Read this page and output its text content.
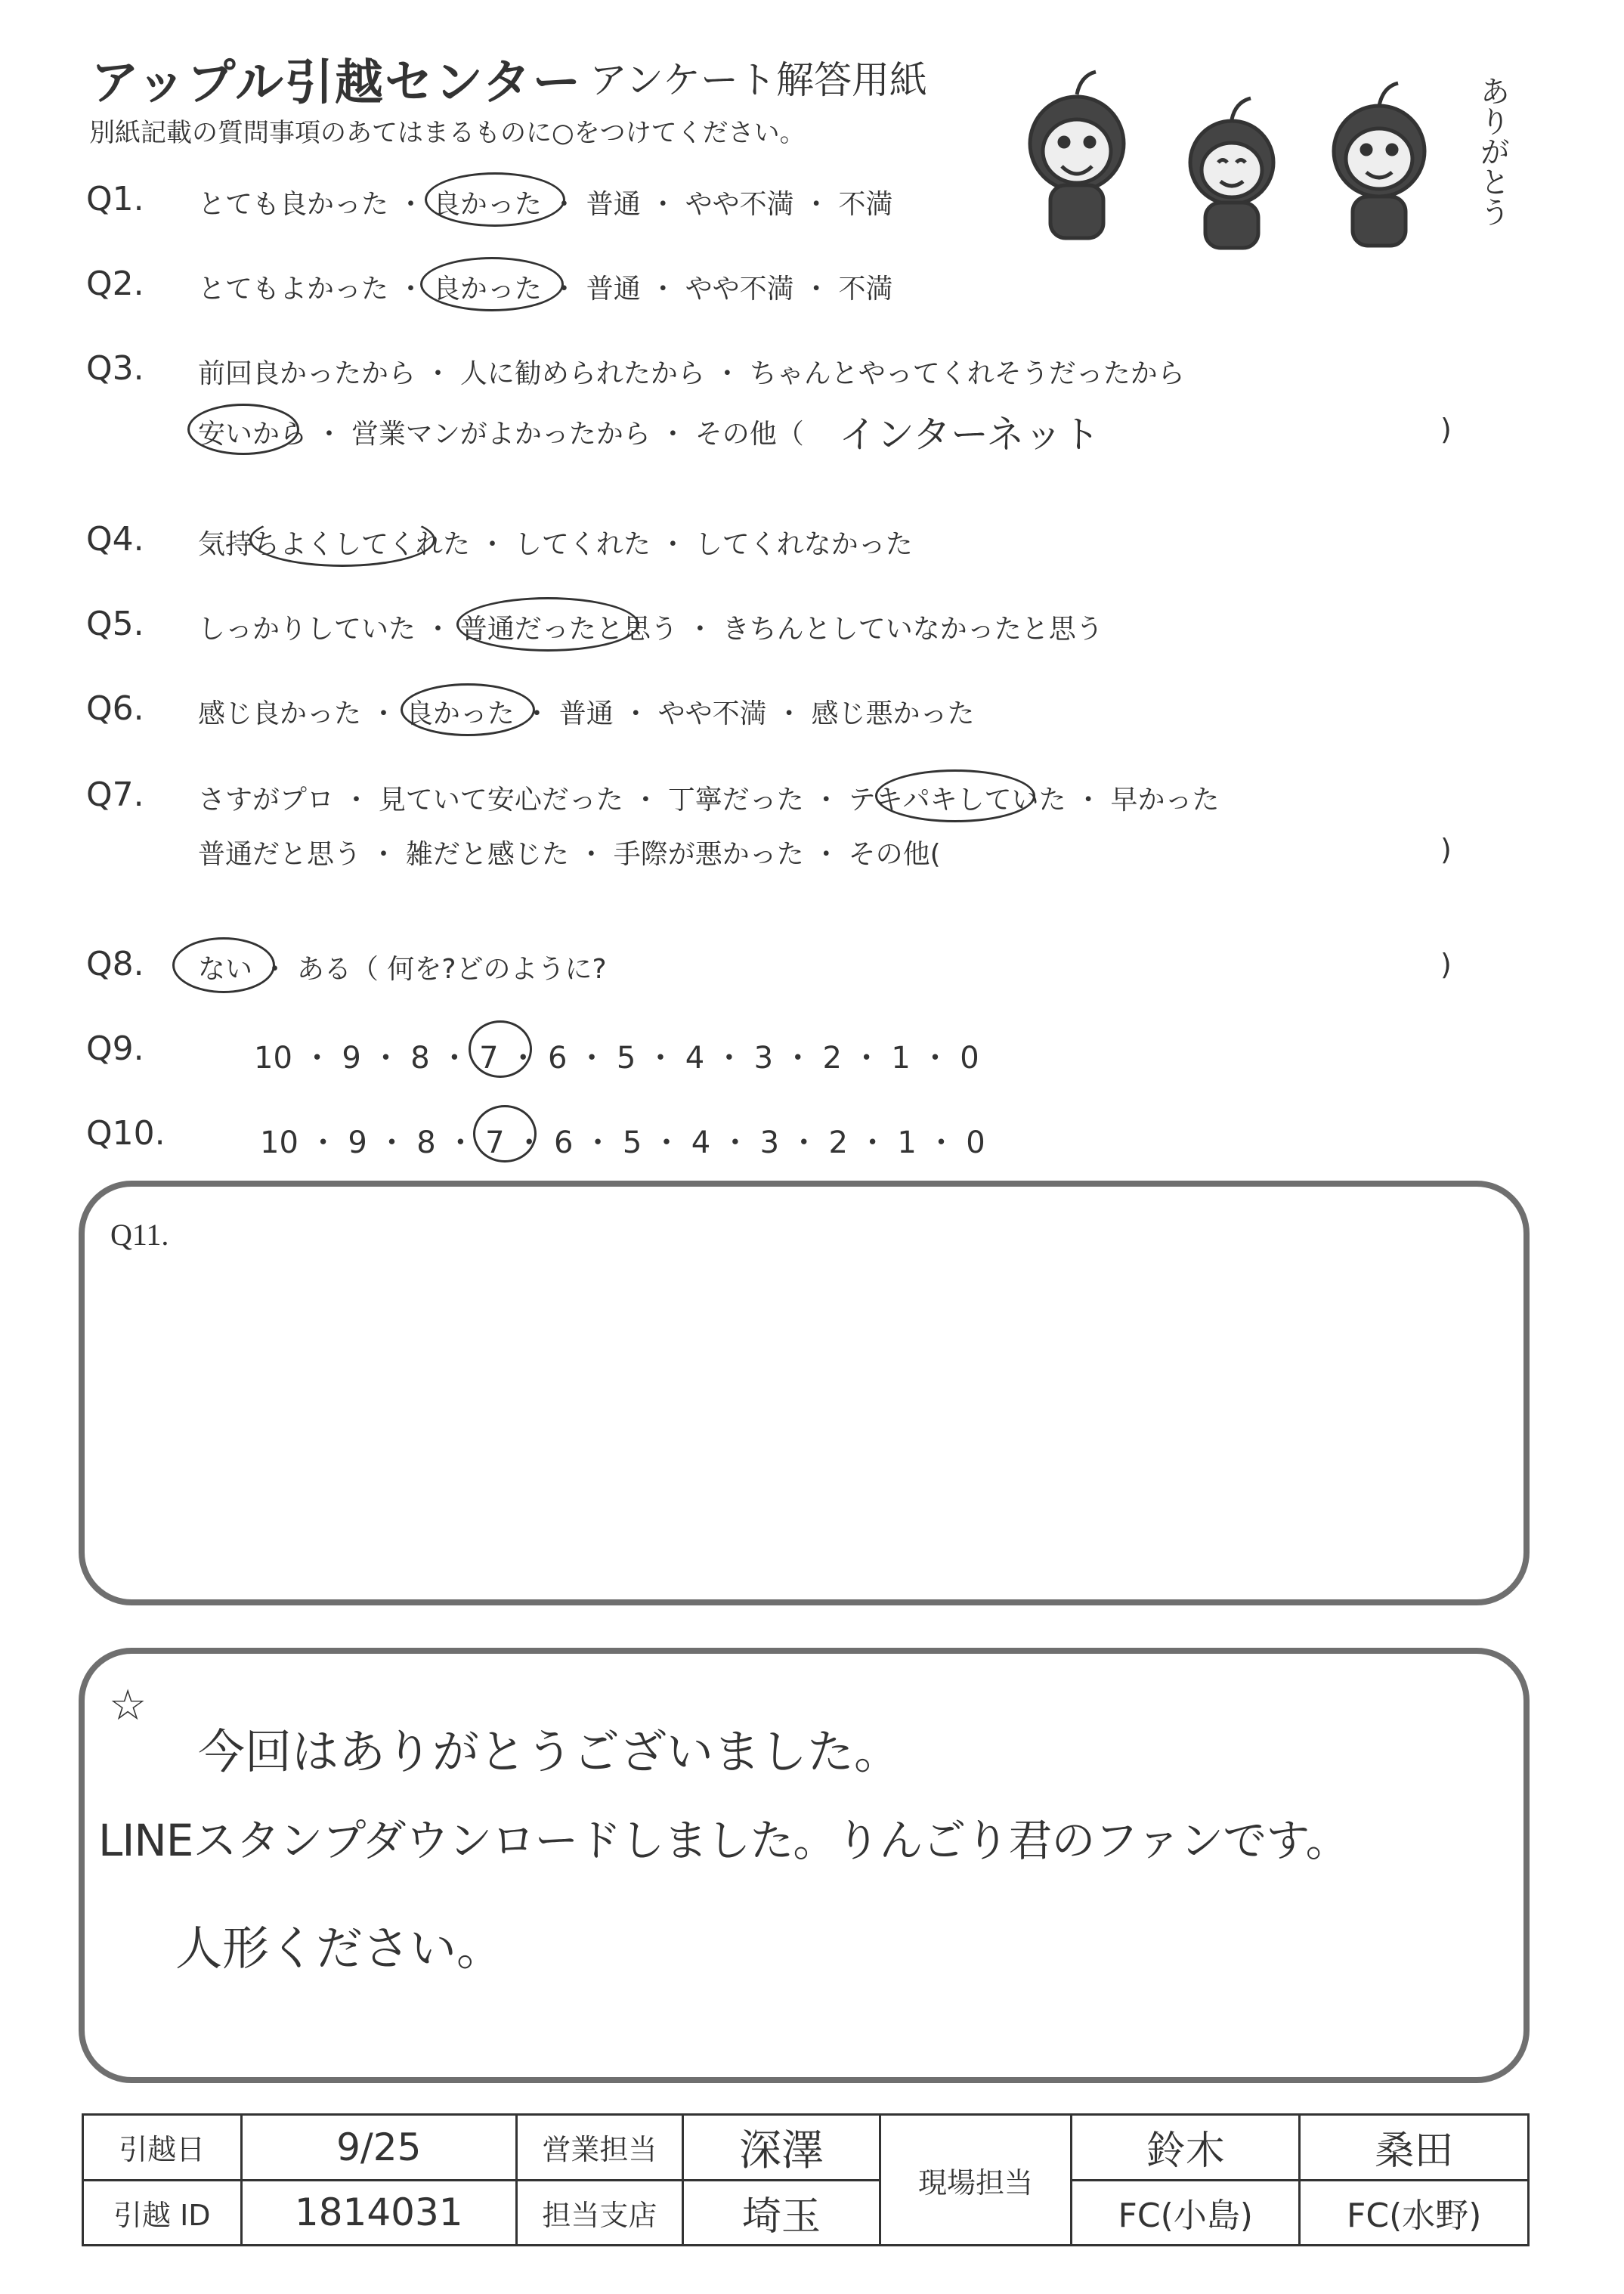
アップル引越センター アンケート解答用紙
別紙記載の質問事項のあてはまるものに○をつけてください。	ありがとう
Q1. とても良かった ・ 良かった ・ 普通 ・ やや不満 ・ 不満
Q2. とてもよかった ・ 良かった ・ 普通 ・ やや不満 ・ 不満
Q3. 前回良かったから ・ 人に勧められたから ・ ちゃんとやってくれそうだったから
安いから ・ 営業マンがよかったから ・ その他（ インターネット	)
Q4. 気持ちよくしてくれた ・ してくれた ・ してくれなかった
Q5. しっかりしていた ・ 普通だったと思う ・ きちんとしていなかったと思う
Q6. 感じ良かった ・ 良かった ・ 普通 ・ やや不満 ・ 感じ悪かった
Q7. さすがプロ ・ 見ていて安心だった ・ 丁寧だった ・ テキパキしていた ・ 早かった
普通だと思う ・ 雑だと感じた ・ 手際が悪かった ・ その他(	)
Q8. ない ・ ある（ 何を?どのように?	)
Q9.	10 ・ 9 ・ 8 ・ 7 ・ 6 ・ 5 ・ 4 ・ 3 ・ 2 ・ 1 ・ 0
Q10.	10 ・ 9 ・ 8 ・ 7 ・ 6 ・ 5 ・ 4 ・ 3 ・ 2 ・ 1 ・ 0
Q11.
☆
今回はありがとうございました。
LINEスタンプダウンロードしました。りんごり君のファンです。
人形ください。
引越日	9/25	営業担当	深澤	現場担当	鈴木	桑田
引越 ID	1814031	担当支店	埼玉		FC(小島)	FC(水野)
